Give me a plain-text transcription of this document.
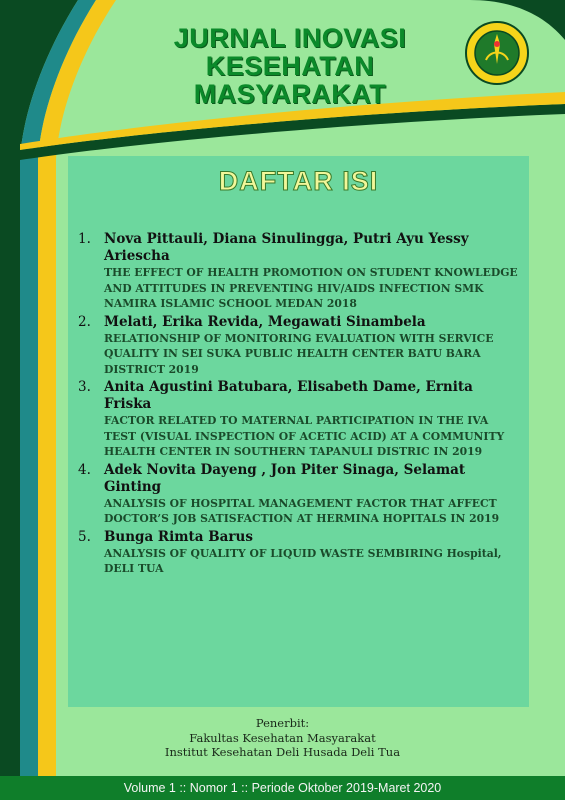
JURNAL INOVASI
KESEHATAN MASYARAKAT
DAFTAR ISI
1. Nova Pittauli, Diana Sinulingga, Putri Ayu Yessy Ariescha
THE EFFECT OF HEALTH PROMOTION ON STUDENT KNOWLEDGE AND ATTITUDES IN PREVENTING HIV/AIDS INFECTION SMK NAMIRA ISLAMIC SCHOOL MEDAN 2018
2. Melati, Erika Revida, Megawati Sinambela
RELATIONSHIP OF MONITORING EVALUATION WITH SERVICE QUALITY IN SEI SUKA PUBLIC HEALTH CENTER BATU BARA DISTRICT 2019
3. Anita Agustini Batubara, Elisabeth Dame, Ernita Friska
FACTOR RELATED TO MATERNAL PARTICIPATION IN THE IVA TEST (VISUAL INSPECTION OF ACETIC ACID) AT A COMMUNITY HEALTH CENTER IN SOUTHERN TAPANULI DISTRIC IN 2019
4. Adek Novita Dayeng , Jon Piter Sinaga, Selamat Ginting
ANALYSIS OF HOSPITAL MANAGEMENT FACTOR THAT AFFECT DOCTOR’S JOB SATISFACTION AT HERMINA HOPITALS IN 2019
5. Bunga Rimta Barus
ANALYSIS OF QUALITY OF LIQUID WASTE SEMBIRING Hospital, DELI TUA
Penerbit:
Fakultas Kesehatan Masyarakat
Institut Kesehatan Deli Husada Deli Tua
Volume 1 :: Nomor 1 :: Periode Oktober 2019-Maret 2020
